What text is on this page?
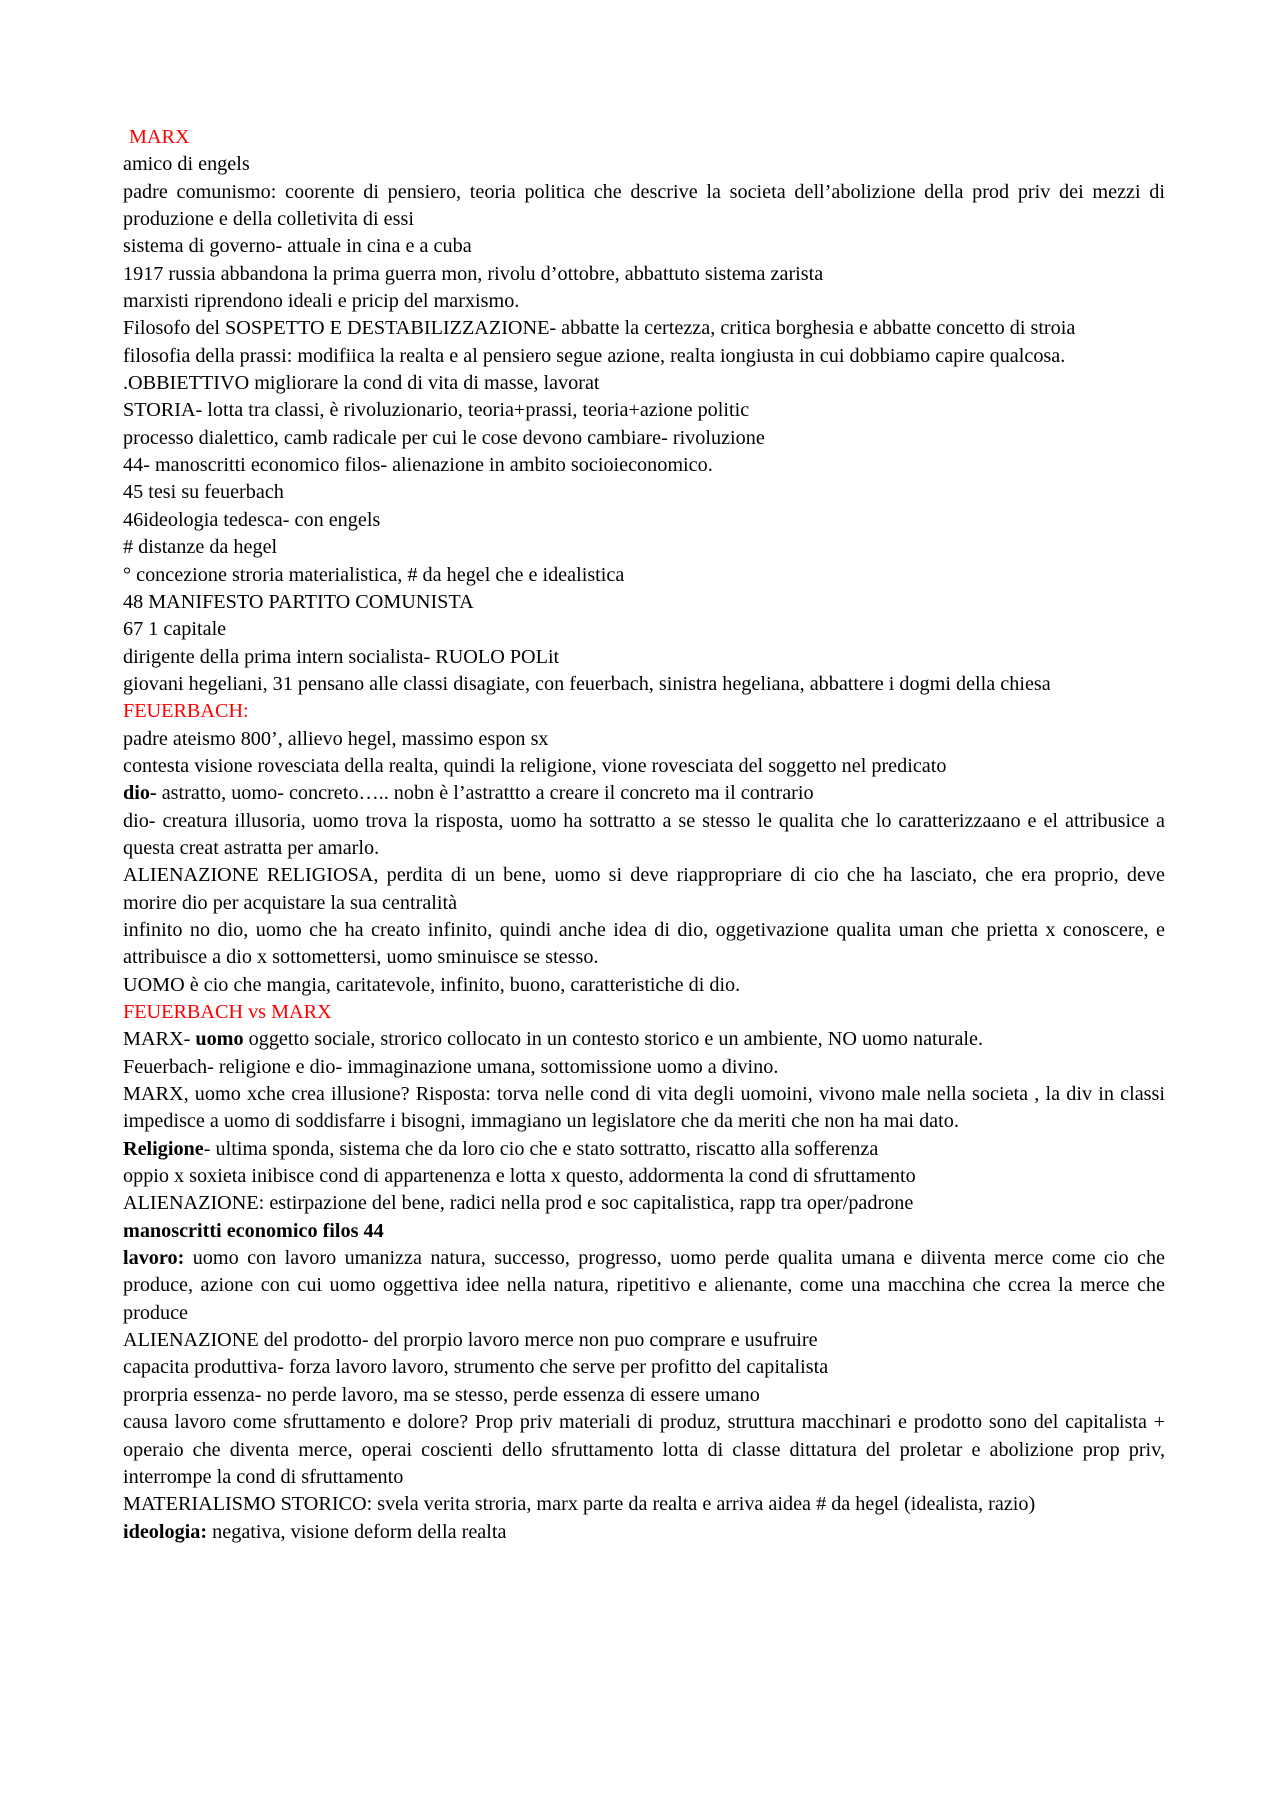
MARX

amico di engels

padre comunismo: coorente di pensiero, teoria politica che descrive la societa dell’abolizione della prod priv dei mezzi di produzione e della colletivita di essi

sistema di governo- attuale in cina e a cuba

1917 russia abbandona la prima guerra mon, rivolu d’ottobre, abbattuto sistema zarista

marxisti riprendono ideali e pricip del marxismo.

Filosofo del SOSPETTO E DESTABILIZZAZIONE- abbatte la certezza, critica borghesia e abbatte concetto di stroia

filosofia della prassi: modifiica la realta e al pensiero segue azione, realta iongiusta in cui dobbiamo capire qualcosa.

.OBBIETTIVO migliorare la cond di vita di masse, lavorat

STORIA- lotta tra classi, è rivoluzionario, teoria+prassi, teoria+azione politic

processo dialettico, camb radicale per cui le cose devono cambiare- rivoluzione

44- manoscritti economico filos- alienazione in ambito socioieconomico.

45 tesi su feuerbach

46ideologia tedesca- con engels

# distanze da hegel

° concezione stroria materialistica, # da hegel che e idealistica

48 MANIFESTO PARTITO COMUNISTA

67 1 capitale

dirigente della prima intern socialista- RUOLO POLit

giovani hegeliani, 31 pensano alle classi disagiate, con feuerbach, sinistra hegeliana, abbattere i dogmi della chiesa

FEUERBACH:

padre ateismo 800’, allievo hegel, massimo espon sx

contesta visione rovesciata della realta, quindi la religione, vione rovesciata del soggetto nel predicato

dio- astratto, uomo- concreto….. nobn è l’astrattto a creare il concreto ma il contrario

dio- creatura illusoria, uomo trova la risposta, uomo ha sottratto a se stesso le qualita che lo caratterizzaano e el attribusice a questa creat astratta per amarlo.

ALIENAZIONE RELIGIOSA, perdita di un bene, uomo si deve riappropriare di cio che ha lasciato, che era proprio, deve morire dio per acquistare la sua centralità

infinito no dio, uomo che ha creato infinito, quindi anche idea di dio, oggetivazione qualita uman che prietta x conoscere, e attribuisce a dio x sottomettersi, uomo sminuisce se stesso.

UOMO è cio che mangia, caritatevole, infinito, buono, caratteristiche di dio.

FEUERBACH vs MARX

MARX- uomo oggetto sociale, strorico collocato in un contesto storico e un ambiente, NO uomo naturale.

Feuerbach- religione e dio- immaginazione umana, sottomissione uomo a divino.

MARX, uomo xche crea illusione? Risposta: torva nelle cond di vita degli uomoini, vivono male nella societa , la div in classi impedisce a uomo di soddisfarre i bisogni, immagiano un legislatore che da meriti che non ha mai dato.

Religione- ultima sponda, sistema che da loro cio che e stato sottratto, riscatto alla sofferenza

oppio x soxieta inibisce cond di appartenenza e lotta x questo, addormenta la cond di sfruttamento

ALIENAZIONE: estirpazione del bene, radici nella prod e soc capitalistica, rapp tra oper/padrone

manoscritti economico filos 44

lavoro: uomo con lavoro umanizza natura, successo, progresso, uomo perde qualita umana e diiventa merce come cio che produce, azione con cui uomo oggettiva idee nella natura, ripetitivo e alienante, come una macchina che ccrea la merce che produce

ALIENAZIONE del prodotto- del prorpio lavoro merce non puo comprare e usufruire

capacita produttiva- forza lavoro lavoro, strumento che serve per profitto del capitalista

prorpria essenza- no perde lavoro, ma se stesso, perde essenza di essere umano

causa lavoro come sfruttamento e dolore? Prop priv materiali di produz, struttura macchinari e prodotto sono del capitalista + operaio che diventa merce, operai coscienti dello sfruttamento lotta di classe dittatura del proletar e abolizione prop priv, interrompe la cond di sfruttamento

MATERIALISMO STORICO: svela verita stroria, marx parte da realta e arriva aidea # da hegel (idealista, razio)

ideologia: negativa, visione deform della realta
